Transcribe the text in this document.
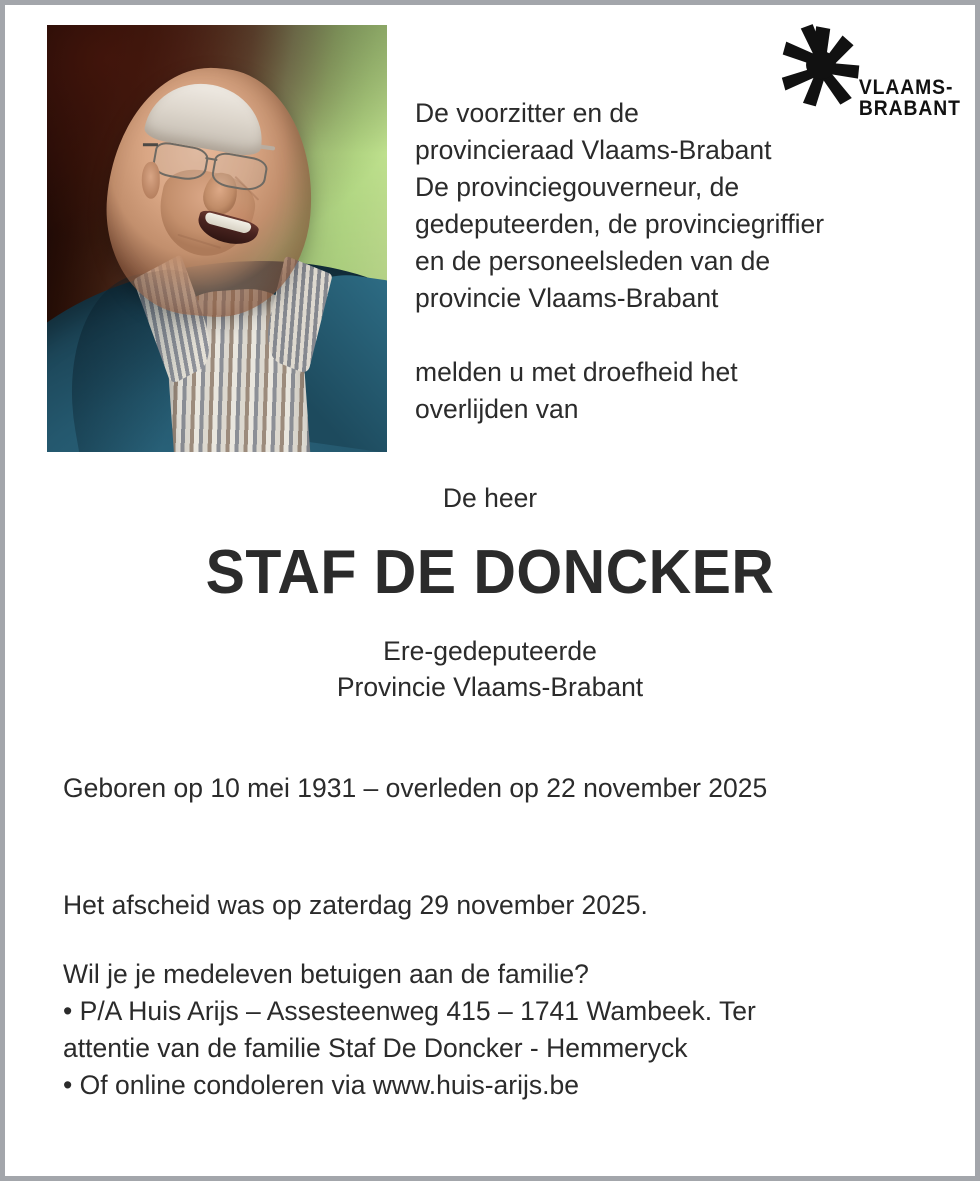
VLAAMS-
BRABANT

De voorzitter en de

provincieraad Vlaams-Brabant

De provinciegouverneur, de

gedeputeerden, de provinciegriffier

en de personeelsleden van de

provincie Vlaams-Brabant

melden u met droefheid het

overlijden van

De heer
STAF DE DONCKER
Ere-gedeputeerde
Provincie Vlaams-Brabant
Geboren op 10 mei 1931 – overleden op 22 november 2025
Het afscheid was op zaterdag 29 november 2025.

Wil je je medeleven betuigen aan de familie?

• P/A Huis Arijs – Assesteenweg 415 – 1741 Wambeek. Ter

attentie van de familie Staf De Doncker - Hemmeryck

• Of online condoleren via www.huis-arijs.be
